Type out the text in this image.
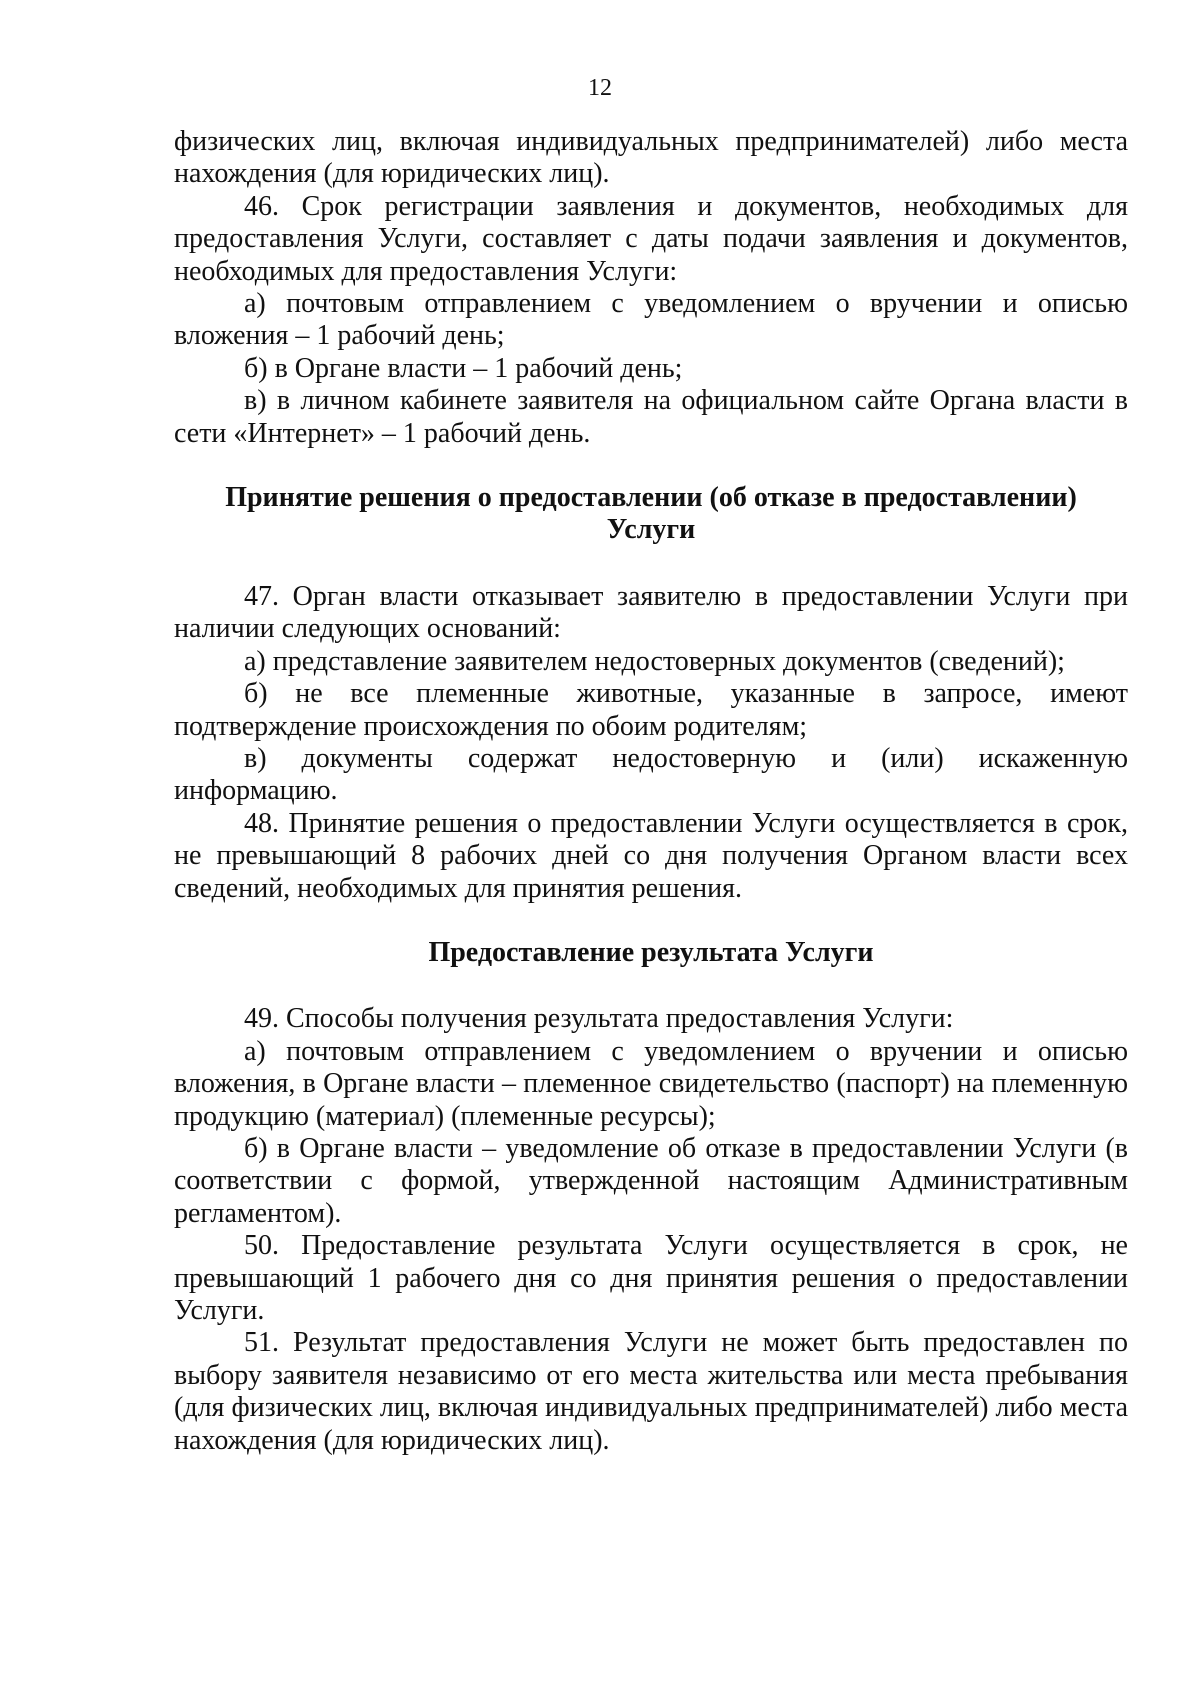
12

физических лиц, включая индивидуальных предпринимателей) либо места нахождения (для юридических лиц).

46. Срок регистрации заявления и документов, необходимых для предоставления Услуги, составляет с даты подачи заявления и документов, необходимых для предоставления Услуги:

а) почтовым отправлением с уведомлением о вручении и описью вложения – 1 рабочий день;

б) в Органе власти – 1 рабочий день;

в) в личном кабинете заявителя на официальном сайте Органа власти в сети «Интернет» – 1 рабочий день.

Принятие решения о предоставлении (об отказе в предоставлении)
Услуги

47. Орган власти отказывает заявителю в предоставлении Услуги при наличии следующих оснований:

а) представление заявителем недостоверных документов (сведений);

б) не все племенные животные, указанные в запросе, имеют подтверждение происхождения по обоим родителям;

в) документы содержат недостоверную и (или) искаженную информацию.

48. Принятие решения о предоставлении Услуги осуществляется в срок, не превышающий 8 рабочих дней со дня получения Органом власти всех сведений, необходимых для принятия решения.

Предоставление результата Услуги

49. Способы получения результата предоставления Услуги:

а) почтовым отправлением с уведомлением о вручении и описью вложения, в Органе власти – племенное свидетельство (паспорт) на племенную продукцию (материал) (племенные ресурсы);

б) в Органе власти – уведомление об отказе в предоставлении Услуги (в соответствии с формой, утвержденной настоящим Административным регламентом).

50. Предоставление результата Услуги осуществляется в срок, не превышающий 1 рабочего дня со дня принятия решения о предоставлении Услуги.

51. Результат предоставления Услуги не может быть предоставлен по выбору заявителя независимо от его места жительства или места пребывания (для физических лиц, включая индивидуальных предпринимателей) либо места нахождения (для юридических лиц).
